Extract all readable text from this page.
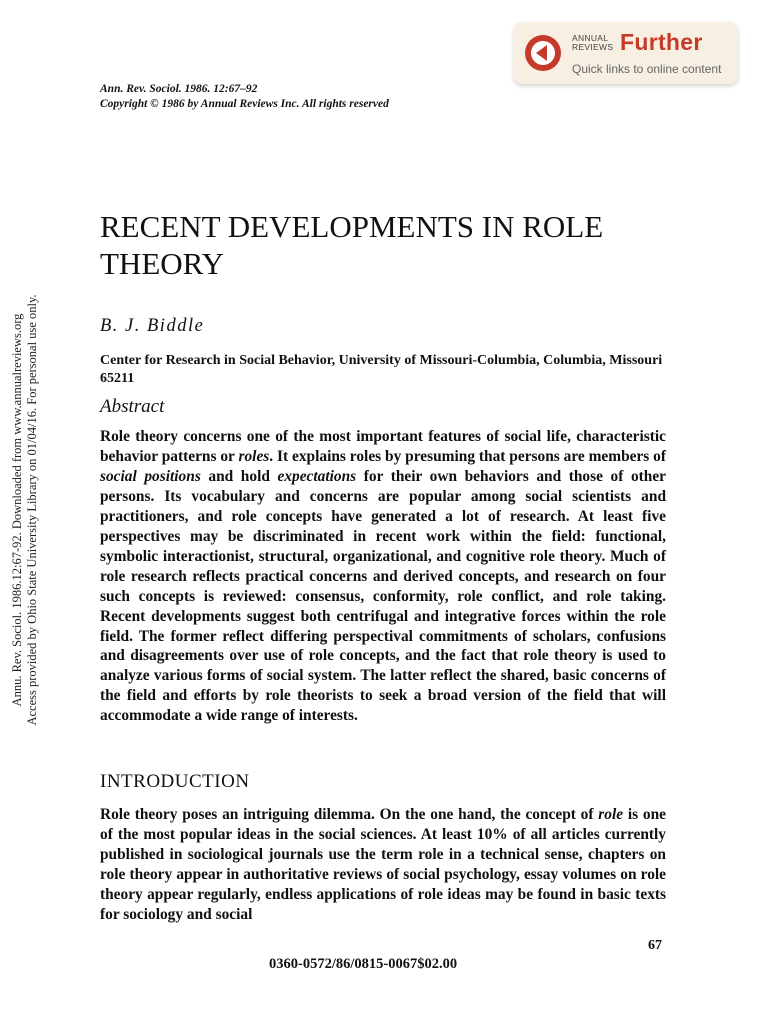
Annu. Rev. Sociol. 1986.12:67-92. Downloaded from www.annualreviews.org Access provided by Ohio State University Library on 01/04/16. For personal use only.
ANNUAL
REVIEWS Further
Quick links to online content
Ann. Rev. Sociol. 1986. 12:67–92
Copyright © 1986 by Annual Reviews Inc. All rights reserved
RECENT DEVELOPMENTS IN ROLE THEORY
B. J. Biddle
Center for Research in Social Behavior, University of Missouri-Columbia, Columbia, Missouri 65211
Abstract

Role theory concerns one of the most important features of social life, characteristic behavior patterns or roles. It explains roles by presuming that persons are members of social positions and hold expectations for their own behaviors and those of other persons. Its vocabulary and concerns are popular among social scientists and practitioners, and role concepts have generated a lot of research. At least five perspectives may be discriminated in recent work within the field: functional, symbolic interactionist, structural, organizational, and cognitive role theory. Much of role research reflects practical concerns and derived concepts, and research on four such concepts is reviewed: consensus, conformity, role conflict, and role taking. Recent developments suggest both centrifugal and integrative forces within the role field. The former reflect differing perspectival commitments of scholars, confusions and disagreements over use of role concepts, and the fact that role theory is used to analyze various forms of social system. The latter reflect the shared, basic concerns of the field and efforts by role theorists to seek a broad version of the field that will accommodate a wide range of interests.

INTRODUCTION

Role theory poses an intriguing dilemma. On the one hand, the concept of role is one of the most popular ideas in the social sciences. At least 10% of all articles currently published in sociological journals use the term role in a technical sense, chapters on role theory appear in authoritative reviews of social psychology, essay volumes on role theory appear regularly, endless applications of role ideas may be found in basic texts for sociology and social

67
0360-0572/86/0815-0067$02.00
